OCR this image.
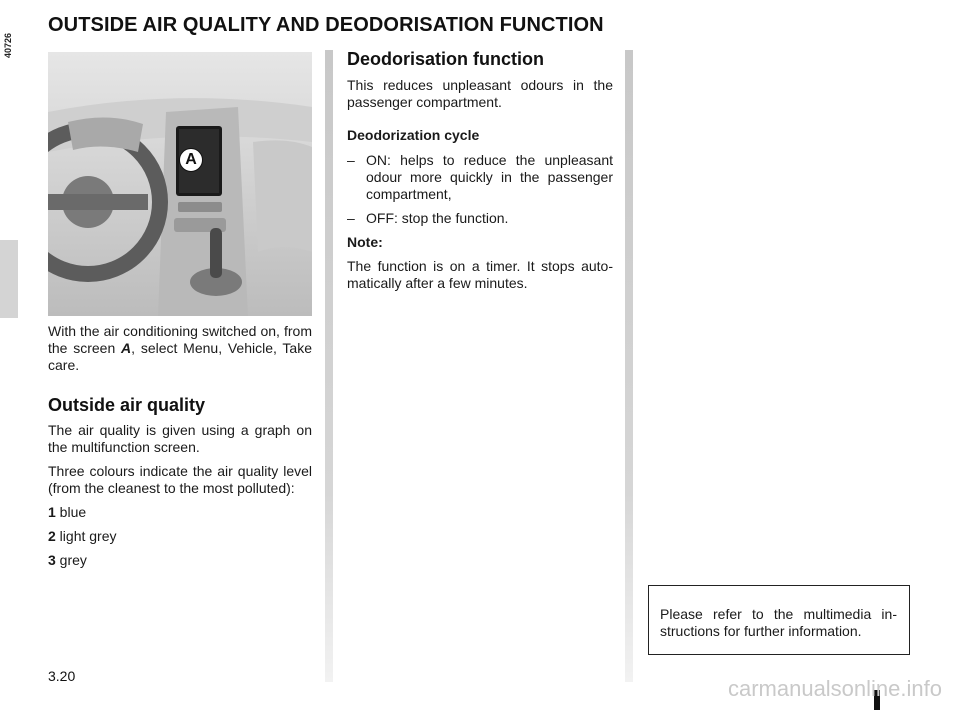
OUTSIDE AIR QUALITY AND DEODORISATION FUNCTION
A
40726

With the air conditioning switched on, from the screen A, select Menu, Vehicle, Take care.

Outside air quality

The air quality is given using a graph on the multifunction screen.

Three colours indicate the air quality level (from the cleanest to the most polluted):

1 blue

2 light grey

3 grey

Deodorisation function

This reduces unpleasant odours in the passenger compartment.

Deodorization cycle
– ON: helps to reduce the unpleasant odour more quickly in the passenger compartment,
– OFF: stop the function.
Note:

The function is on a timer. It stops auto-matically after a few minutes.

Please refer to the multimedia in-structions for further information.

3.20	carmanualsonline.info
